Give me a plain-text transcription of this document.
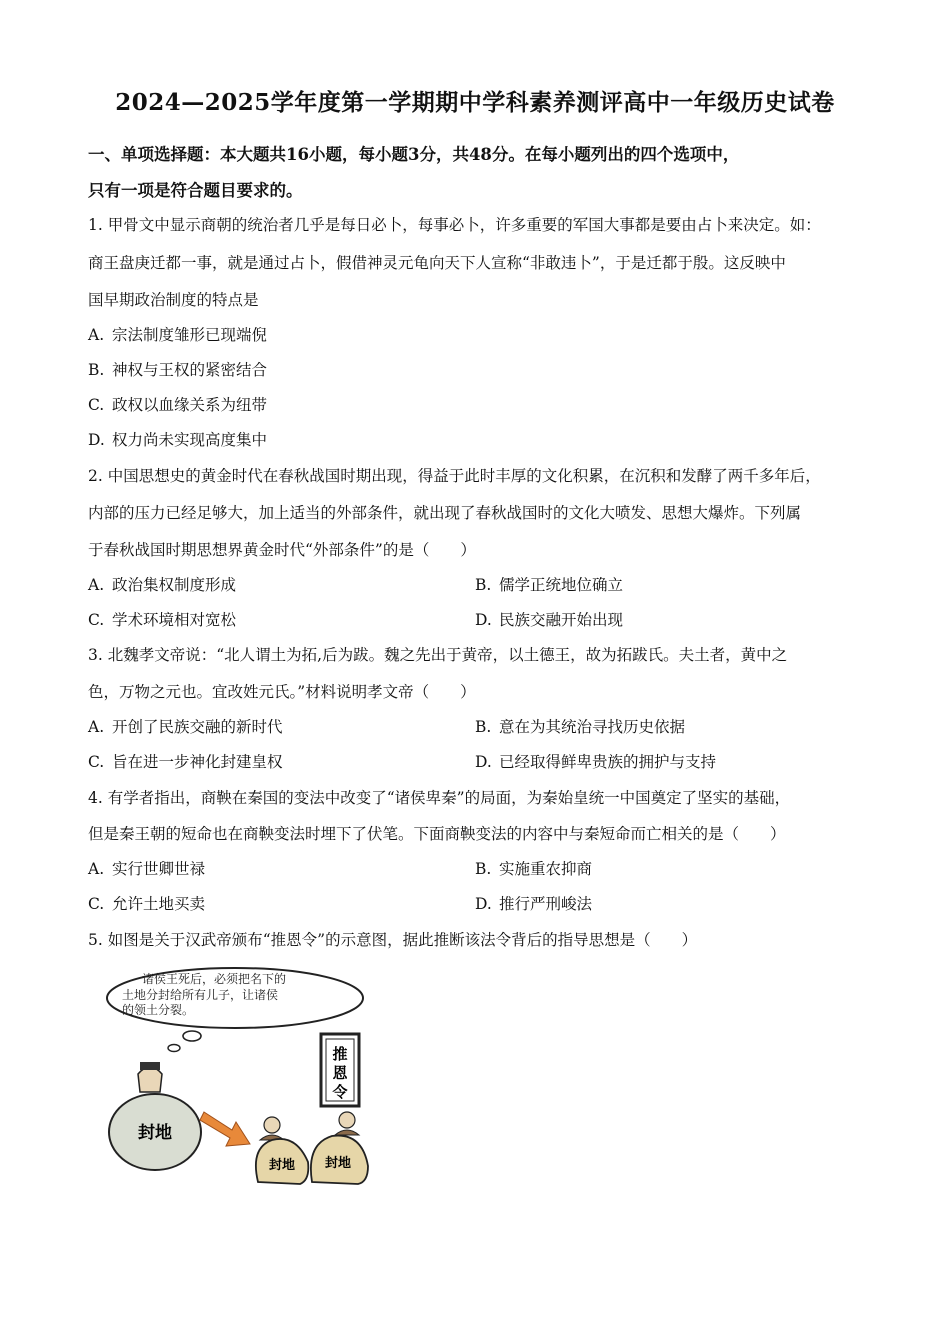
2024—2025学年度第一学期期中学科素养测评高中一年级历史试卷
一、单项选择题：本大题共16小题，每小题3分，共48分。在每小题列出的四个选项中，
只有一项是符合题目要求的。
1. 甲骨文中显示商朝的统治者几乎是每日必卜，每事必卜，许多重要的军国大事都是要由占卜来决定。如：
商王盘庚迁都一事，就是通过占卜，假借神灵元龟向天下人宣称“非敢违卜”，于是迁都于殷。这反映中
国早期政治制度的特点是
A. 宗法制度雏形已现端倪
B. 神权与王权的紧密结合
C. 政权以血缘关系为纽带
D. 权力尚未实现高度集中
2. 中国思想史的黄金时代在春秋战国时期出现，得益于此时丰厚的文化积累，在沉积和发酵了两千多年后，
内部的压力已经足够大，加上适当的外部条件，就出现了春秋战国时的文化大喷发、思想大爆炸。下列属
于春秋战国时期思想界黄金时代“外部条件”的是（　　）
A. 政治集权制度形成	B. 儒学正统地位确立
C. 学术环境相对宽松	D. 民族交融开始出现
3. 北魏孝文帝说：“北人谓土为拓,后为跋。魏之先出于黄帝，以土德王，故为拓跋氏。夫土者，黄中之
色，万物之元也。宜改姓元氏。”材料说明孝文帝（　　）
A. 开创了民族交融的新时代	B. 意在为其统治寻找历史依据
C. 旨在进一步神化封建皇权	D. 已经取得鲜卑贵族的拥护与支持
4. 有学者指出，商鞅在秦国的变法中改变了“诸侯卑秦”的局面，为秦始皇统一中国奠定了坚实的基础，
但是秦王朝的短命也在商鞅变法时埋下了伏笔。下面商鞅变法的内容中与秦短命而亡相关的是（　　）
A. 实行世卿世禄	B. 实施重农抑商
C. 允许土地买卖	D. 推行严刑峻法
5. 如图是关于汉武帝颁布“推恩令”的示意图，据此推断该法令背后的指导思想是（　　）
诸侯王死后，必须把名下的
土地分封给所有儿子，让诸侯
的领土分裂。
推
恩
令
封地
封地 封地
